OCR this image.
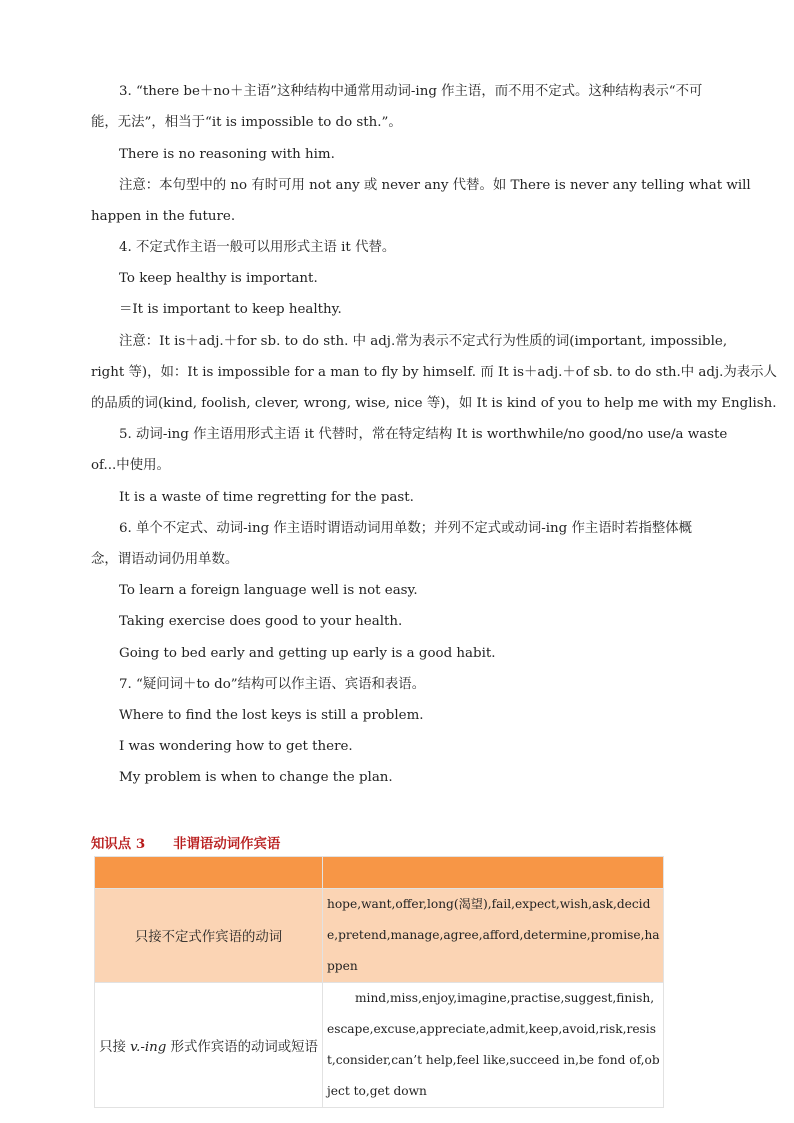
3. “there be＋no＋主语”这种结构中通常用动词-ing 作主语，而不用不定式。这种结构表示“不可
能，无法”，相当于“it is impossible to do sth.”。
There is no reasoning with him.
注意：本句型中的 no 有时可用 not any 或 never any 代替。如 There is never any telling what will
happen in the future.
4. 不定式作主语一般可以用形式主语 it 代替。
To keep healthy is important.
＝It is important to keep healthy.
注意：It is＋adj.＋for sb. to do sth. 中 adj.常为表示不定式行为性质的词(important, impossible,
right 等)，如：It is impossible for a man to fly by himself. 而 It is＋adj.＋of sb. to do sth.中 adj.为表示人
的品质的词(kind, foolish, clever, wrong, wise, nice 等)，如 It is kind of you to help me with my English.
5. 动词-ing 作主语用形式主语 it 代替时，常在特定结构 It is worthwhile/no good/no use/a waste
of...中使用。
It is a waste of time regretting for the past.
6. 单个不定式、动词-ing 作主语时谓语动词用单数；并列不定式或动词-ing 作主语时若指整体概
念，谓语动词仍用单数。
To learn a foreign language well is not easy.
Taking exercise does good to your health.
Going to bed early and getting up early is a good habit.
7. “疑问词＋to do”结构可以作主语、宾语和表语。
Where to find the lost keys is still a problem.
I was wondering how to get there.
My problem is when to change the plan.
知识点 3 非谓语动词作宾语

只接不定式作宾语的动词	hope,want,offer,long(渴望),fail,expect,wish,ask,decide,pretend,manage,agree,afford,determine,promise,happen
只接 v.-ing 形式作宾语的动词或短语	mind,miss,enjoy,imagine,practise,suggest,finish,escape,excuse,appreciate,admit,keep,avoid,risk,resist,consider,can’t help,feel like,succeed in,be fond of,object to,get down
